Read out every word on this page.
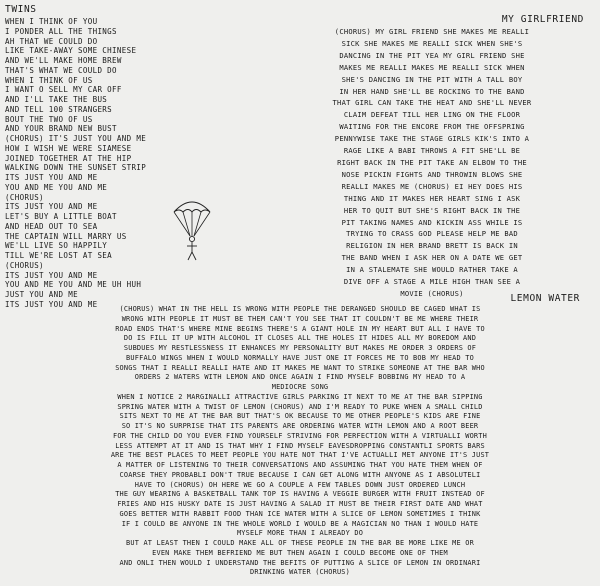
TWINS
WHEN I THINK OF YOU
I PONDER ALL THE THINGS
AH THAT WE COULD DO
LIKE TAKE-AWAY SOME CHINESE
AND WE'LL MAKE HOME BREW
THAT'S WHAT WE COULD DO
WHEN I THINK OF US
I WANT O SELL MY CAR OFF
AND I'LL TAKE THE BUS
AND TELL 100 STRANGERS
BOUT THE TWO OF US
AND YOUR BRAND NEW BUST
(CHORUS) IT'S JUST YOU AND ME
HOW I WISH WE WERE SIAMESE
JOINED TOGETHER AT THE HIP
WALKING DOWN THE SUNSET STRIP
ITS JUST YOU AND ME
YOU AND ME YOU AND ME
(CHORUS)
ITS JUST YOU AND ME
LET'S BUY A LITTLE BOAT
AND HEAD OUT TO SEA
THE CAPTAIN WILL MARRY US
WE'LL LIVE SO HAPPILY
TILL WE'RE LOST AT SEA
(CHORUS)
ITS JUST YOU AND ME
YOU AND ME YOU AND ME UH HUH
JUST YOU AND ME
ITS JUST YOU AND ME
MY GIRLFRIEND
(CHORUS) MY GIRL FRIEND SHE MAKES ME REALLI
SICK SHE MAKES ME REALLI SICK WHEN SHE'S
DANCING IN THE PIT YEA MY GIRL FRIEND SHE
MAKES ME REALLI MAKES ME REALLI SICK WHEN
SHE'S DANCING IN THE PIT WITH A TALL BOY
IN HER HAND SHE'LL BE ROCKING TO THE BAND
THAT GIRL CAN TAKE THE HEAT AND SHE'LL NEVER
CLAIM DEFEAT TILL HER LING ON THE FLOOR
WAITING FOR THE ENCORE FROM THE OFFSPRING
PENNYWISE TAKE THE STAGE GIRLS KIK'S INTO A
RAGE LIKE A BABI THROWS A FIT SHE'LL BE
RIGHT BACK IN THE PIT TAKE AN ELBOW TO THE
NOSE PICKIN FIGHTS AND THROWIN BLOWS SHE
REALLI MAKES ME (CHORUS) EI HEY DOES HIS
THING AND IT MAKES HER HEART SING I ASK
HER TO QUIT BUT SHE'S RIGHT BACK IN THE
PIT TAKING NAMES AND KICKIN ASS WHILE IS
TRYING TO CRASS GOD PLEASE HELP ME BAD
RELIGION IN HER BRAND BRETT IS BACK IN
THE BAND WHEN I ASK HER ON A DATE WE GET
IN A STALEMATE SHE WOULD RATHER TAKE A
DIVE OFF A STAGE A MILE HIGH THAN SEE A
MOVIE (CHORUS)	LEMON WATER
(CHORUS) WHAT IN THE HELL IS WRONG WITH PEOPLE THE DERANGED SHOULD BE CAGED WHAT IS
WRONG WITH PEOPLE IT MUST BE THEM CAN'T YOU SEE THAT IT COULDN'T BE ME WHERE THEIR
ROAD ENDS THAT'S WHERE MINE BEGINS THERE'S A GIANT HOLE IN MY HEART BUT ALL I HAVE TO
DO IS FILL IT UP WITH ALCOHOL IT CLOSES ALL THE HOLES IT HIDES ALL MY BOREDOM AND
SUBDUES MY RESTLESSNESS IT ENHANCES MY PERSONALITY BUT MAKES ME ORDER 3 ORDERS OF
BUFFALO WINGS WHEN I WOULD NORMALLY HAVE JUST ONE IT FORCES ME TO BOB MY HEAD TO
SONGS THAT I REALLI REALLI HATE AND IT MAKES ME WANT TO STRIKE SOMEONE AT THE BAR WHO
ORDERS 2 WATERS WITH LEMON AND ONCE AGAIN I FIND MYSELF BOBBING MY HEAD TO A
MEDIOCRE SONG
WHEN I NOTICE 2 MARGINALLI ATTRACTIVE GIRLS PARKING IT NEXT TO ME AT THE BAR SIPPING
SPRING WATER WITH A TWIST OF LEMON (CHORUS) AND I'M READY TO PUKE WHEN A SMALL CHILD
SITS NEXT TO ME AT THE BAR BUT THAT'S OK BECAUSE TO ME OTHER PEOPLE'S KIDS ARE FINE
SO IT'S NO SURPRISE THAT ITS PARENTS ARE ORDERING WATER WITH LEMON AND A ROOT BEER
FOR THE CHILD DO YOU EVER FIND YOURSELF STRIVING FOR PERFECTION WITH A VIRTUALLI WORTH
LESS ATTEMPT AT IT AND IS THAT WHY I FIND MYSELF EAVESDROPPING CONSTANTLI SPORTS BARS
ARE THE BEST PLACES TO MEET PEOPLE YOU HATE NOT THAT I'VE ACTUALLI MET ANYONE IT'S JUST
A MATTER OF LISTENING TO THEIR CONVERSATIONS AND ASSUMING THAT YOU HATE THEM WHEN OF
COARSE THEY PROBABLI DON'T TRUE BECAUSE I CAN GET ALONG WITH ANYONE AS I ABSOLUTELI
HAVE TO (CHORUS) OH HERE WE GO A COUPLE A FEW TABLES DOWN JUST ORDERED LUNCH
THE GUY WEARING A BASKETBALL TANK TOP IS HAVING A VEGGIE BURGER WITH FRUIT INSTEAD OF
FRIES AND HIS HUSKY DATE IS JUST HAVING A SALAD IT MUST BE THEIR FIRST DATE AND WHAT
GOES BETTER WITH RABBIT FOOD THAN ICE WATER WITH A SLICE OF LEMON SOMETIMES I THINK
IF I COULD BE ANYONE IN THE WHOLE WORLD I WOULD BE A MAGICIAN NO THAN I WOULD HATE
MYSELF MORE THAN I ALREADY DO
BUT AT LEAST THEN I COULD MAKE ALL OF THESE PEOPLE IN THE BAR BE MORE LIKE ME OR
EVEN MAKE THEM BEFRIEND ME BUT THEN AGAIN I COULD BECOME ONE OF THEM
AND ONLI THEN WOULD I UNDERSTAND THE BEFITS OF PUTTING A SLICE OF LEMON IN ORDINARI
DRINKING WATER (CHORUS)
